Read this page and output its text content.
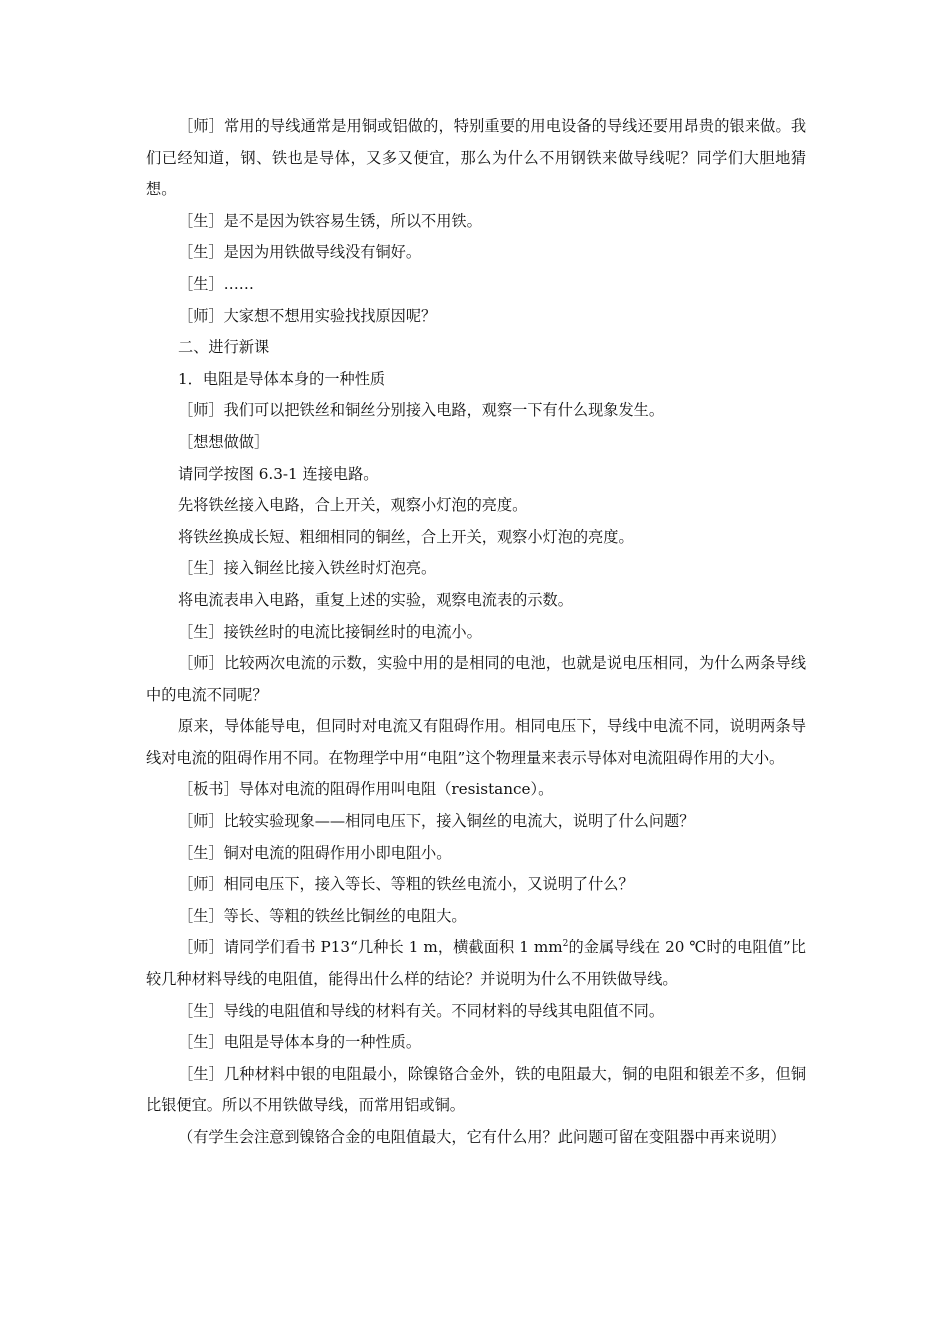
［师］常用的导线通常是用铜或铝做的，特别重要的用电设备的导线还要用昂贵的银来做。我们已经知道，钢、铁也是导体，又多又便宜，那么为什么不用钢铁来做导线呢？同学们大胆地猜想。

［生］是不是因为铁容易生锈，所以不用铁。

［生］是因为用铁做导线没有铜好。

［生］……

［师］大家想不想用实验找找原因呢？

二、进行新课

1．电阻是导体本身的一种性质

［师］我们可以把铁丝和铜丝分别接入电路，观察一下有什么现象发生。

［想想做做］

请同学按图 6.3-1 连接电路。

先将铁丝接入电路，合上开关，观察小灯泡的亮度。

将铁丝换成长短、粗细相同的铜丝，合上开关，观察小灯泡的亮度。

［生］接入铜丝比接入铁丝时灯泡亮。

将电流表串入电路，重复上述的实验，观察电流表的示数。

［生］接铁丝时的电流比接铜丝时的电流小。

［师］比较两次电流的示数，实验中用的是相同的电池，也就是说电压相同，为什么两条导线中的电流不同呢？

原来，导体能导电，但同时对电流又有阻碍作用。相同电压下，导线中电流不同，说明两条导线对电流的阻碍作用不同。在物理学中用“电阻”这个物理量来表示导体对电流阻碍作用的大小。

［板书］导体对电流的阻碍作用叫电阻（resistance）。

［师］比较实验现象——相同电压下，接入铜丝的电流大，说明了什么问题？

［生］铜对电流的阻碍作用小即电阻小。

［师］相同电压下，接入等长、等粗的铁丝电流小，又说明了什么？

［生］等长、等粗的铁丝比铜丝的电阻大。

［师］请同学们看书 P13“几种长 1 m，横截面积 1 $mm^2$的金属导线在 20 ℃时的电阻值”比较几种材料导线的电阻值，能得出什么样的结论？并说明为什么不用铁做导线。

［生］导线的电阻值和导线的材料有关。不同材料的导线其电阻值不同。

［生］电阻是导体本身的一种性质。

［生］几种材料中银的电阻最小，除镍铬合金外，铁的电阻最大，铜的电阻和银差不多，但铜比银便宜。所以不用铁做导线，而常用铝或铜。

（有学生会注意到镍铬合金的电阻值最大，它有什么用？此问题可留在变阻器中再来说明）
